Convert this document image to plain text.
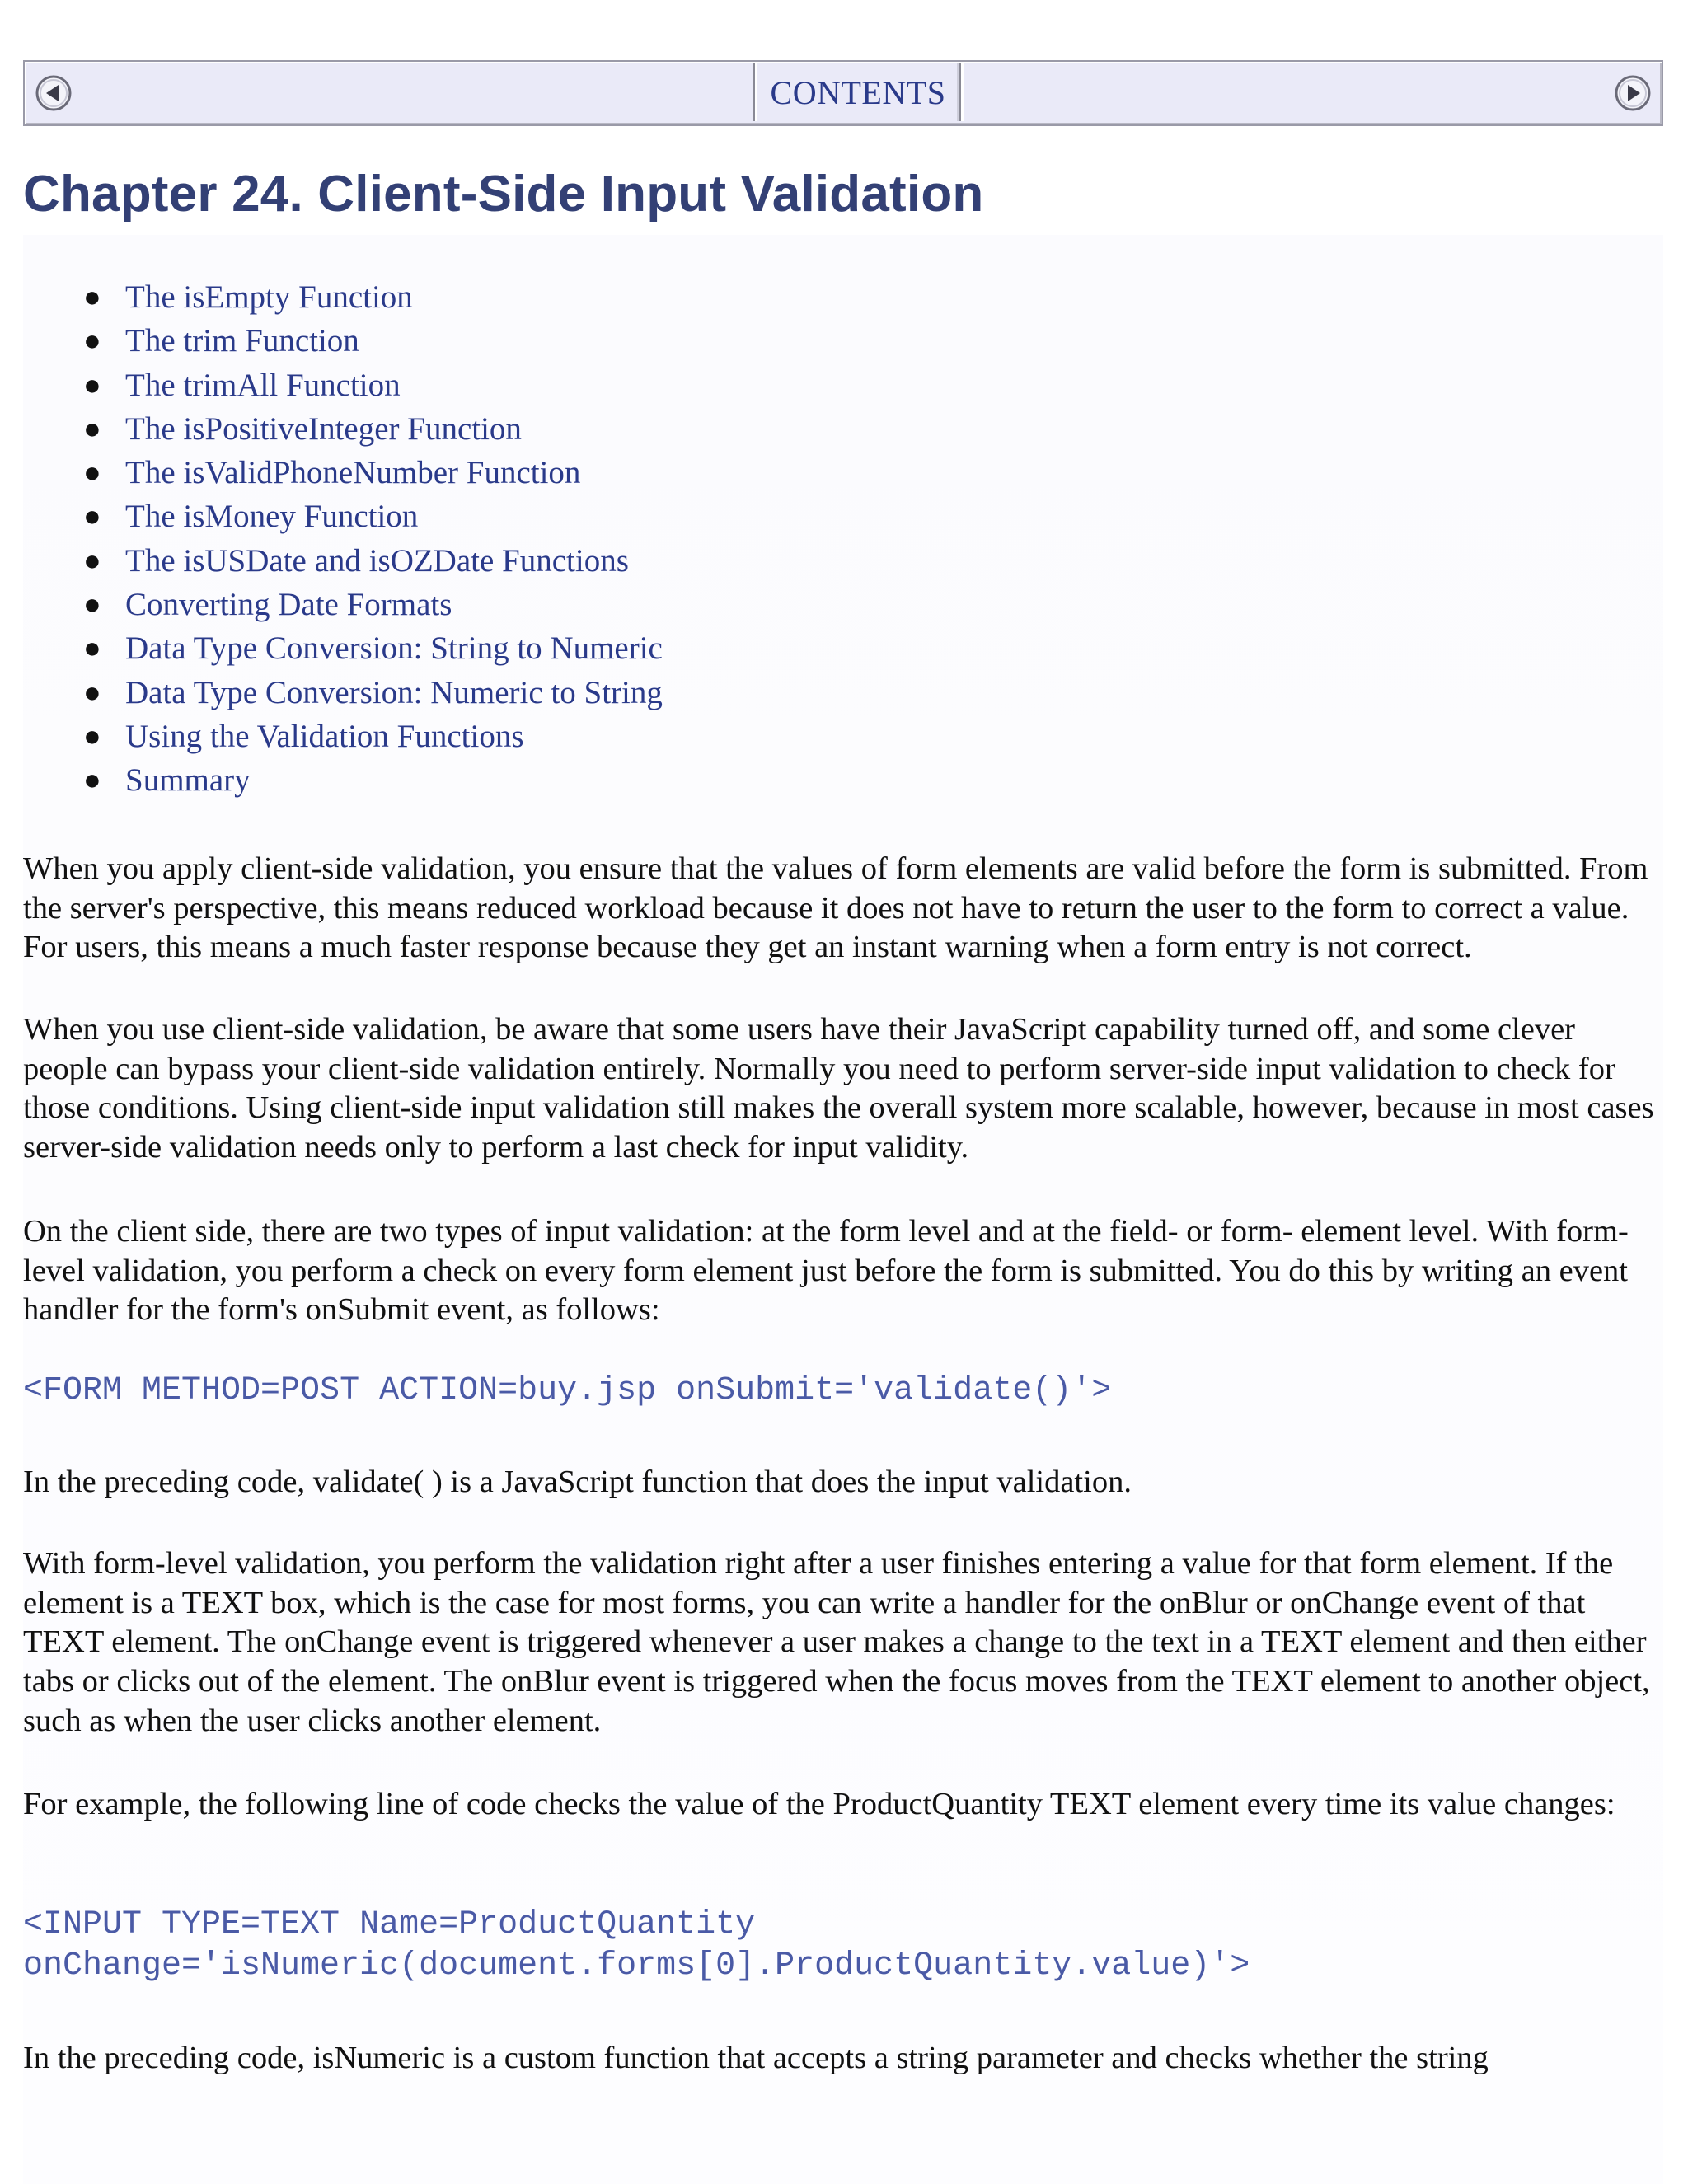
CONTENTS
Chapter 24. Client-Side Input Validation
● The isEmpty Function
● The trim Function
● The trimAll Function
● The isPositiveInteger Function
● The isValidPhoneNumber Function
● The isMoney Function
● The isUSDate and isOZDate Functions
● Converting Date Formats
● Data Type Conversion: String to Numeric
● Data Type Conversion: Numeric to String
● Using the Validation Functions
● Summary

When you apply client-side validation, you ensure that the values of form elements are valid before the form is submitted. From the server's perspective, this means reduced workload because it does not have to return the user to the form to correct a value. For users, this means a much faster response because they get an instant warning when a form entry is not correct.

When you use client-side validation, be aware that some users have their JavaScript capability turned off, and some clever people can bypass your client-side validation entirely. Normally you need to perform server-side input validation to check for those conditions. Using client-side input validation still makes the overall system more scalable, however, because in most cases server-side validation needs only to perform a last check for input validity.

On the client side, there are two types of input validation: at the form level and at the field- or form- element level. With form-level validation, you perform a check on every form element just before the form is submitted. You do this by writing an event handler for the form's onSubmit event, as follows:

<FORM METHOD=POST ACTION=buy.jsp onSubmit='validate()'>

In the preceding code, validate( ) is a JavaScript function that does the input validation.

With form-level validation, you perform the validation right after a user finishes entering a value for that form element. If the element is a TEXT box, which is the case for most forms, you can write a handler for the onBlur or onChange event of that TEXT element. The onChange event is triggered whenever a user makes a change to the text in a TEXT element and then either tabs or clicks out of the element. The onBlur event is triggered when the focus moves from the TEXT element to another object, such as when the user clicks another element.

For example, the following line of code checks the value of the ProductQuantity TEXT element every time its value changes:

<INPUT TYPE=TEXT Name=ProductQuantity
onChange='isNumeric(document.forms[0].ProductQuantity.value)'>

In the preceding code, isNumeric is a custom function that accepts a string parameter and checks whether the string
